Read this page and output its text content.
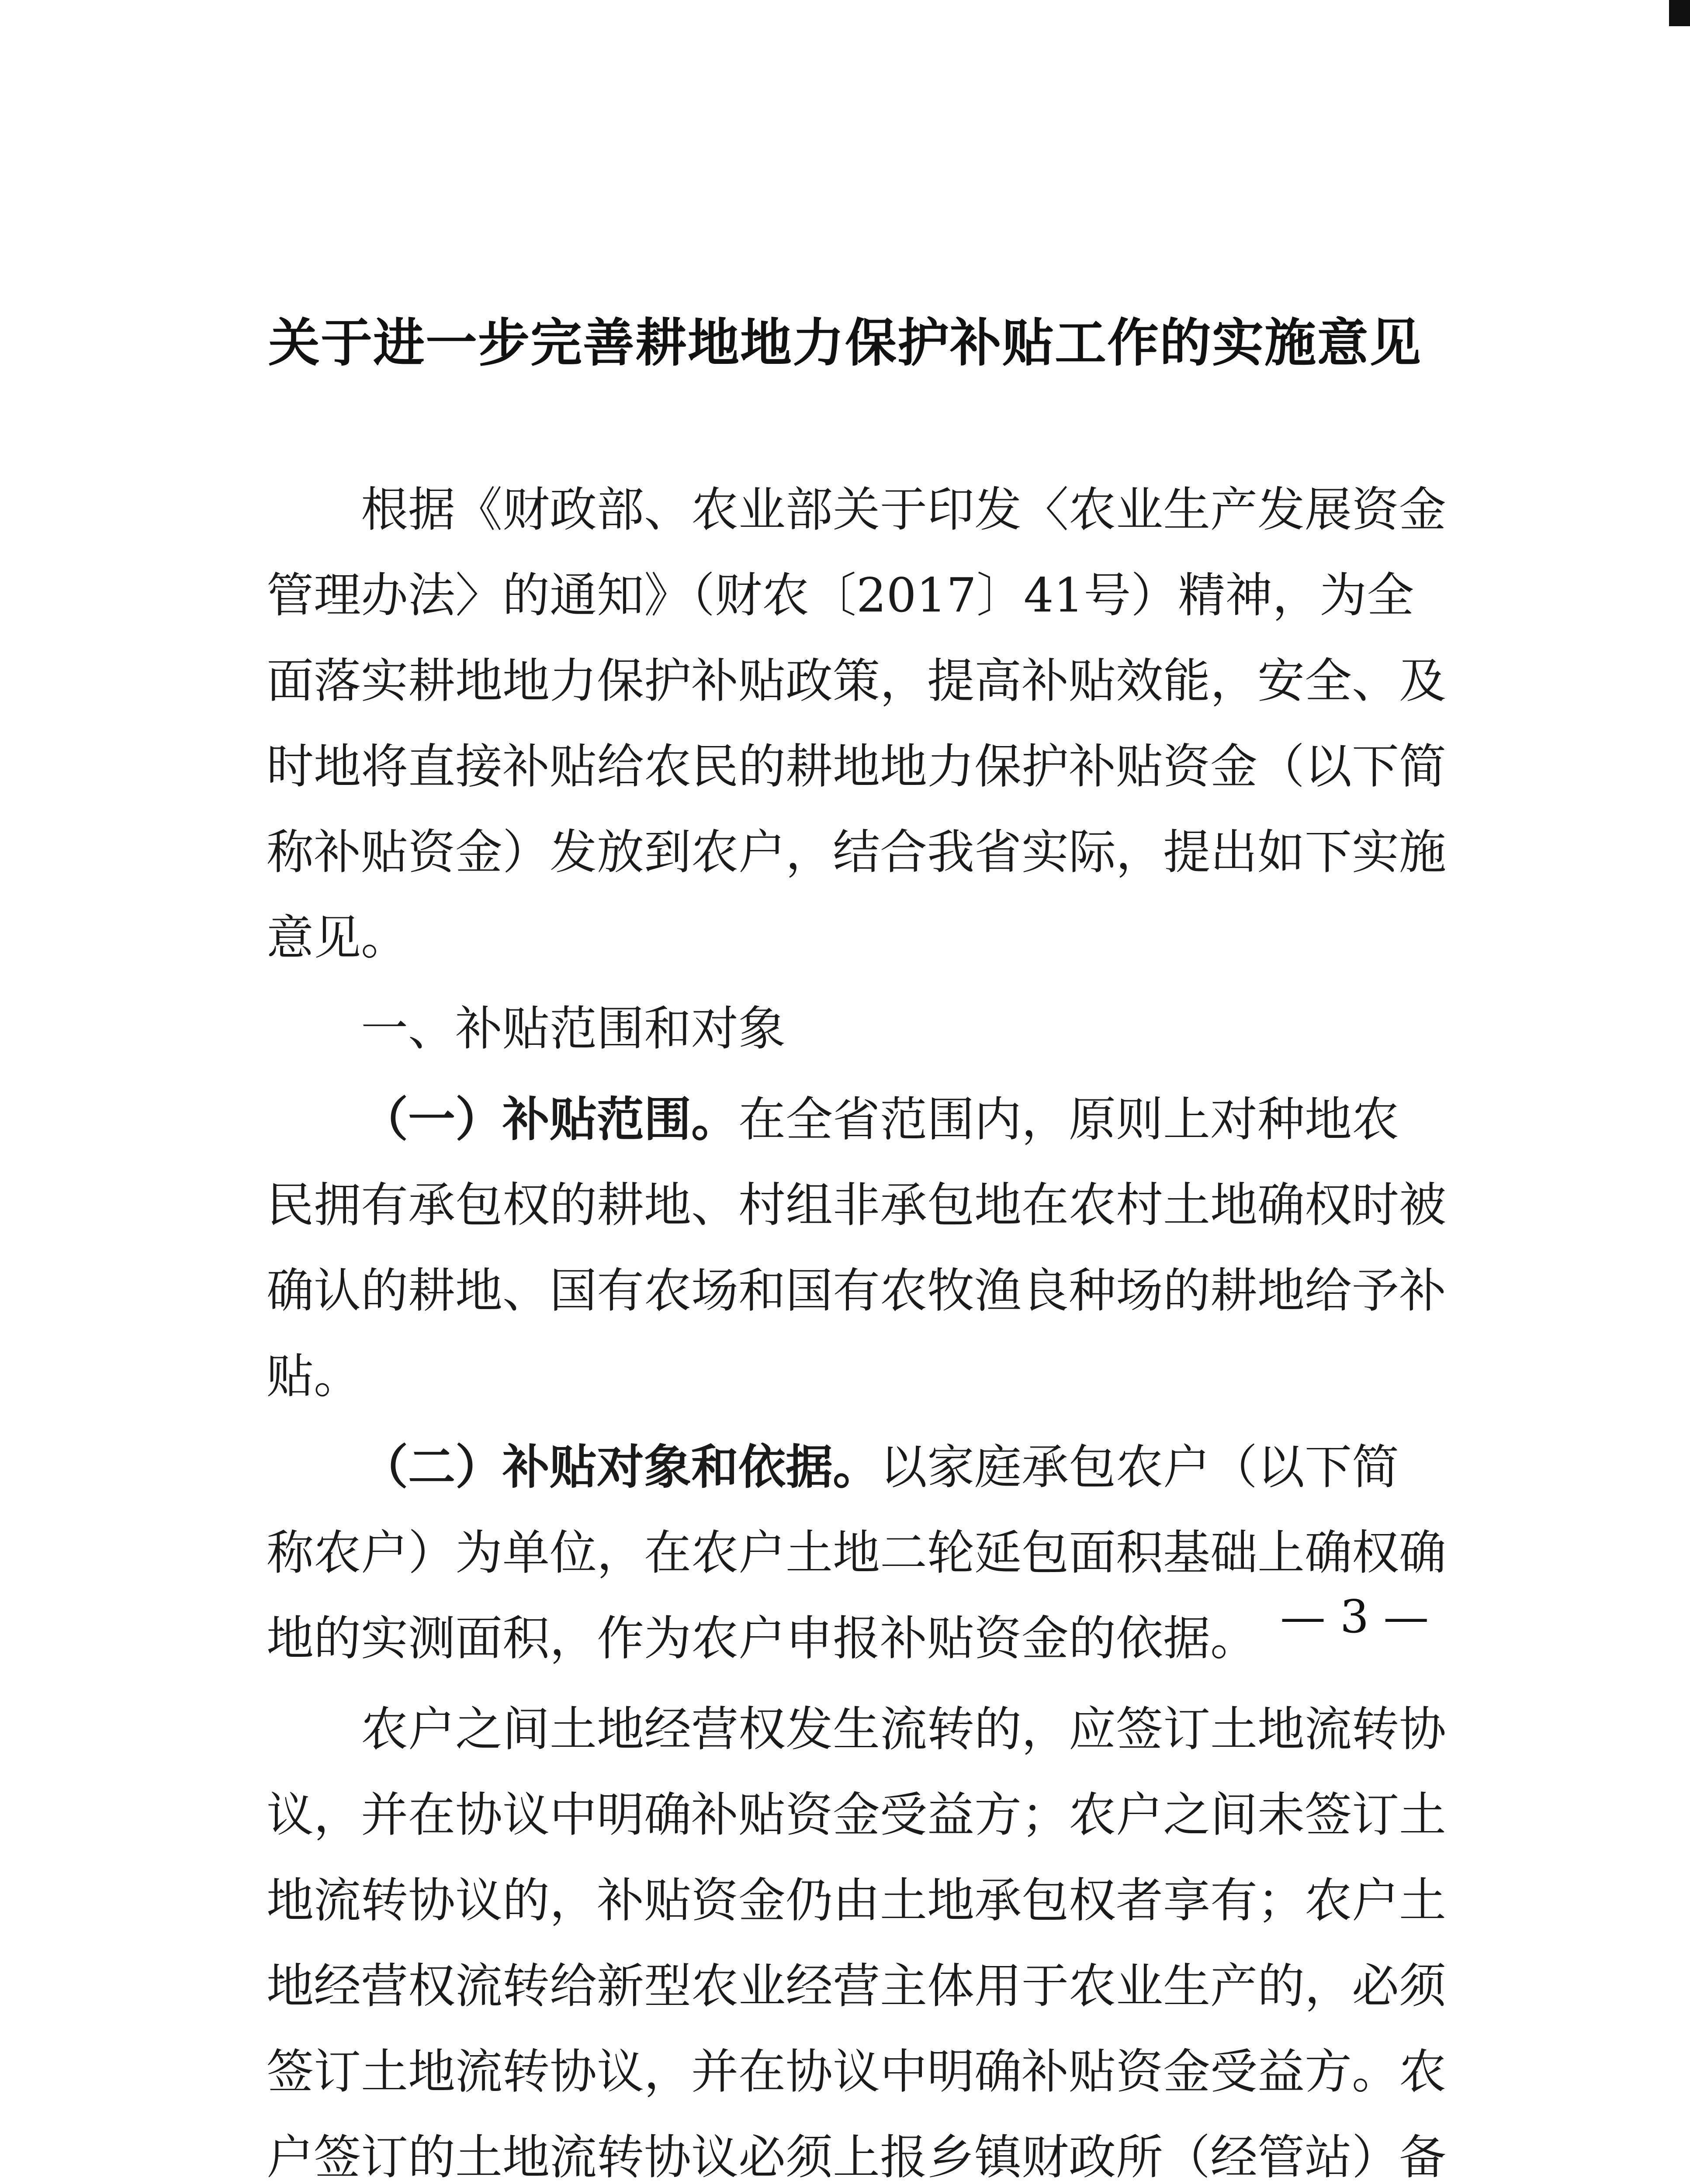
关于进一步完善耕地地力保护补贴工作的实施意见

根据《财政部、农业部关于印发〈农业生产发展资金管理办法〉的通知》（财农〔2017〕41号）精神，为全面落实耕地地力保护补贴政策，提高补贴效能，安全、及时地将直接补贴给农民的耕地地力保护补贴资金（以下简称补贴资金）发放到农户，结合我省实际，提出如下实施意见。

一、补贴范围和对象

（一）补贴范围。在全省范围内，原则上对种地农民拥有承包权的耕地、村组非承包地在农村土地确权时被确认的耕地、国有农场和国有农牧渔良种场的耕地给予补贴。

（二）补贴对象和依据。以家庭承包农户（以下简称农户）为单位，在农户土地二轮延包面积基础上确权确地的实测面积，作为农户申报补贴资金的依据。

农户之间土地经营权发生流转的，应签订土地流转协议，并在协议中明确补贴资金受益方；农户之间未签订土地流转协议的，补贴资金仍由土地承包权者享有；农户土地经营权流转给新型农业经营主体用于农业生产的，必须签订土地流转协议，并在协议中明确补贴资金受益方。农户签订的土地流转协议必须上报乡镇财政所（经管站）备

— 3 —
